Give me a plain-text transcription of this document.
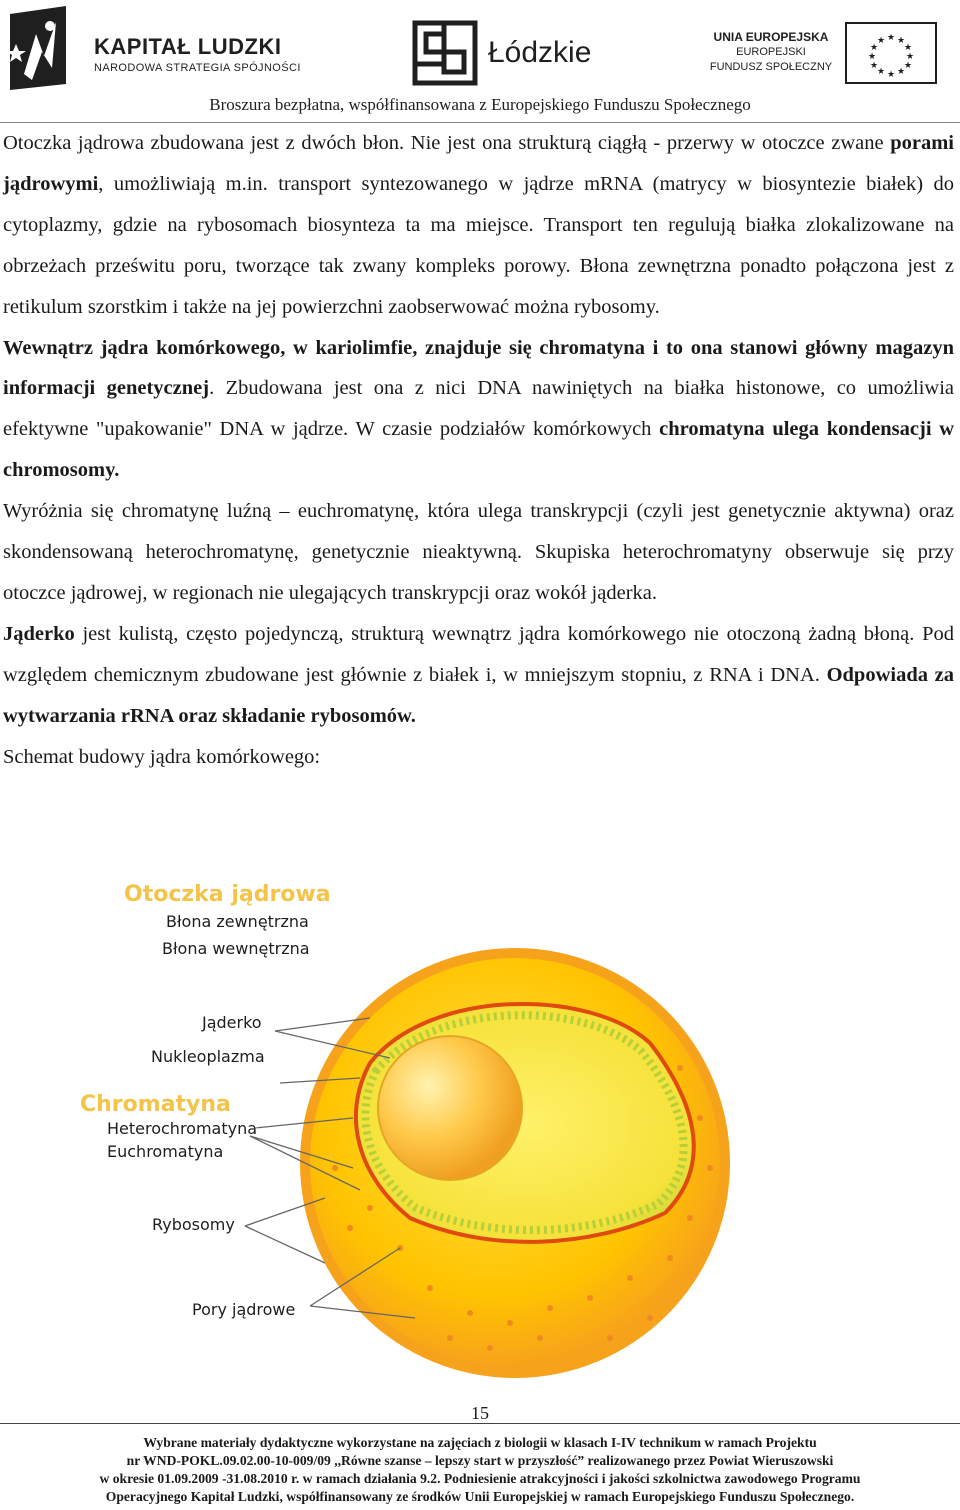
KAPITAŁ LUDZKI
NARODOWA STRATEGIA SPÓJNOŚCI	Łódzkie	UNIA EUROPEJSKA
EUROPEJSKI
FUNDUSZ SPOŁECZNY
★ ★
★
★
★
★
★
★
★
★
★
★
Broszura bezpłatna, współfinansowana z Europejskiego Funduszu Społecznego

Otoczka jądrowa zbudowana jest z dwóch błon. Nie jest ona strukturą ciągłą - przerwy w otoczce zwane porami jądrowymi, umożliwiają m.in. transport syntezowanego w jądrze mRNA (matrycy w biosyntezie białek) do cytoplazmy, gdzie na rybosomach biosynteza ta ma miejsce. Transport ten regulują białka zlokalizowane na obrzeżach prześwitu poru, tworzące tak zwany kompleks porowy. Błona zewnętrzna ponadto połączona jest z retikulum szorstkim i także na jej powierzchni zaobserwować można rybosomy.

Wewnątrz jądra komórkowego, w kariolimfie, znajduje się chromatyna i to ona stanowi główny magazyn informacji genetycznej. Zbudowana jest ona z nici DNA nawiniętych na białka histonowe, co umożliwia efektywne "upakowanie" DNA w jądrze. W czasie podziałów komórkowych chromatyna ulega kondensacji w chromosomy.

Wyróżnia się chromatynę luźną – euchromatynę, która ulega transkrypcji (czyli jest genetycznie aktywna) oraz skondensowaną heterochromatynę, genetycznie nieaktywną. Skupiska heterochromatyny obserwuje się przy otoczce jądrowej, w regionach nie ulegających transkrypcji oraz wokół jąderka.

Jąderko jest kulistą, często pojedynczą, strukturą wewnątrz jądra komórkowego nie otoczoną żadną błoną. Pod względem chemicznym zbudowane jest głównie z białek i, w mniejszym stopniu, z RNA i DNA. Odpowiada za wytwarzania rRNA oraz składanie rybosomów.

Schemat budowy jądra komórkowego:

Otoczka jądrowa
Błona zewnętrzna
Błona wewnętrzna
Jąderko
Nukleoplazma
Chromatyna
Heterochromatyna
Euchromatyna
Rybosomy
Pory jądrowe
15
Wybrane materiały dydaktyczne wykorzystane na zajęciach z biologii w klasach I-IV technikum w ramach Projektu
nr WND-POKL.09.02.00-10-009/09 ,,Równe szanse – lepszy start w przyszłość” realizowanego przez Powiat Wieruszowski
w okresie 01.09.2009 -31.08.2010 r. w ramach działania 9.2. Podniesienie atrakcyjności i jakości szkolnictwa zawodowego Programu
Operacyjnego Kapitał Ludzki, współfinansowany ze środków Unii Europejskiej w ramach Europejskiego Funduszu Społecznego.
